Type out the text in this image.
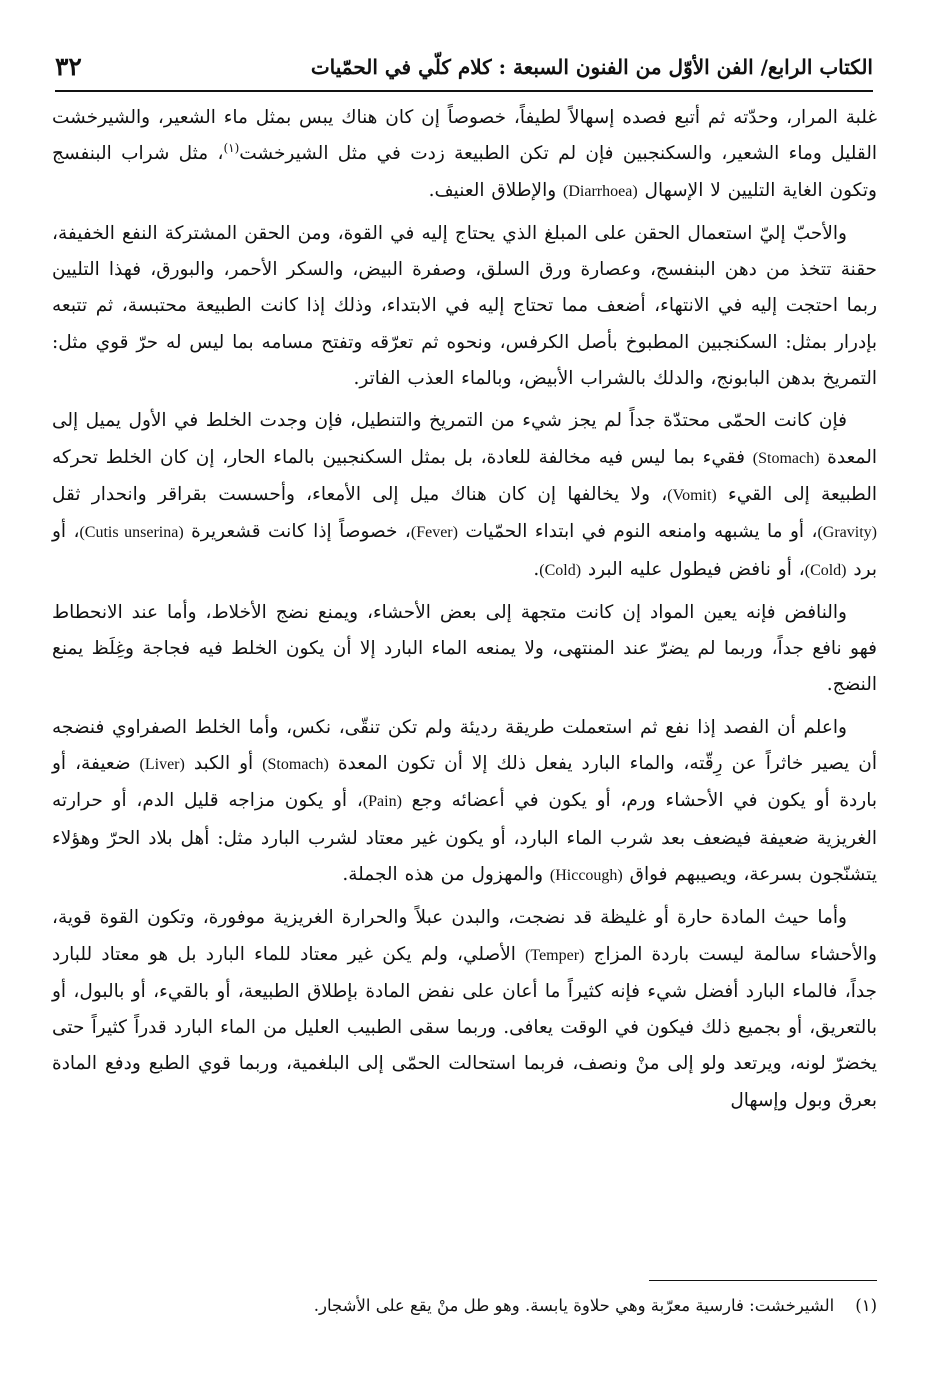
الكتاب الرابع/ الفن الأوّل من الفنون السبعة : كلام كلّي في الحمّيات
٣٢

غلبة المرار، وحدّته ثم أتبع فصده إسهالاً لطيفاً، خصوصاً إن كان هناك يبس بمثل ماء الشعير، والشيرخشت القليل وماء الشعير، والسكنجبين فإن لم تكن الطبيعة زدت في مثل الشيرخشت$^{(١)}$، مثل شراب البنفسج وتكون الغاية التليين لا الإسهال (Diarrhoea) والإطلاق العنيف.

والأحبّ إليّ استعمال الحقن على المبلغ الذي يحتاج إليه في القوة، ومن الحقن المشتركة النفع الخفيفة، حقنة تتخذ من دهن البنفسج، وعصارة ورق السلق، وصفرة البيض، والسكر الأحمر، والبورق، فهذا التليين ربما احتجت إليه في الانتهاء، أضعف مما تحتاج إليه في الابتداء، وذلك إذا كانت الطبيعة محتبسة، ثم تتبعه بإدرار بمثل: السكنجبين المطبوخ بأصل الكرفس، ونحوه ثم تعرّقه وتفتح مسامه بما ليس له حرّ قوي مثل: التمريخ بدهن البابونج، والدلك بالشراب الأبيض، وبالماء العذب الفاتر.

فإن كانت الحمّى محتدّة جداً لم يجز شيء من التمريخ والتنطيل، فإن وجدت الخلط في الأول يميل إلى المعدة (Stomach) فقيء بما ليس فيه مخالفة للعادة، بل بمثل السكنجبين بالماء الحار، إن كان الخلط تحركه الطبيعة إلى القيء (Vomit)، ولا يخالفها إن كان هناك ميل إلى الأمعاء، وأحسست بقراقر وانحدار ثقل (Gravity)، أو ما يشبهه وامنعه النوم في ابتداء الحمّيات (Fever)، خصوصاً إذا كانت قشعريرة (Cutis unserina)، أو برد (Cold)، أو نافض فيطول عليه البرد (Cold).

والنافض فإنه يعين المواد إن كانت متجهة إلى بعض الأحشاء، ويمنع نضج الأخلاط، وأما عند الانحطاط فهو نافع جداً، وربما لم يضرّ عند المنتهى، ولا يمنعه الماء البارد إلا أن يكون الخلط فيه فجاجة وغِلَظ يمنع النضج.

واعلم أن الفصد إذا نفع ثم استعملت طريقة رديئة ولم تكن تنقّى، نكس، وأما الخلط الصفراوي فنضجه أن يصير خاثراً عن رِقّته، والماء البارد يفعل ذلك إلا أن تكون المعدة (Stomach) أو الكبد (Liver) ضعيفة، أو باردة أو يكون في الأحشاء ورم، أو يكون في أعضائه وجع (Pain)، أو يكون مزاجه قليل الدم، أو حرارته الغريزية ضعيفة فيضعف بعد شرب الماء البارد، أو يكون غير معتاد لشرب البارد مثل: أهل بلاد الحرّ وهؤلاء يتشنّجون بسرعة، ويصيبهم فواق (Hiccough) والمهزول من هذه الجملة.

وأما حيث المادة حارة أو غليظة قد نضجت، والبدن عبلاً والحرارة الغريزية موفورة، وتكون القوة قوية، والأحشاء سالمة ليست باردة المزاج (Temper) الأصلي، ولم يكن غير معتاد للماء البارد بل هو معتاد للبارد جداً، فالماء البارد أفضل شيء فإنه كثيراً ما أعان على نفض المادة بإطلاق الطبيعة، أو بالقيء، أو بالبول، أو بالتعريق، أو بجميع ذلك فيكون في الوقت يعافى. وربما سقى الطبيب العليل من الماء البارد قدراً كثيراً حتى يخضرّ لونه، ويرتعد ولو إلى منْ ونصف، فربما استحالت الحمّى إلى البلغمية، وربما قوي الطبع ودفع المادة بعرق وبول وإسهال

(١)    الشيرخشت: فارسية معرّبة وهي حلاوة يابسة. وهو طل منْ يقع على الأشجار.
